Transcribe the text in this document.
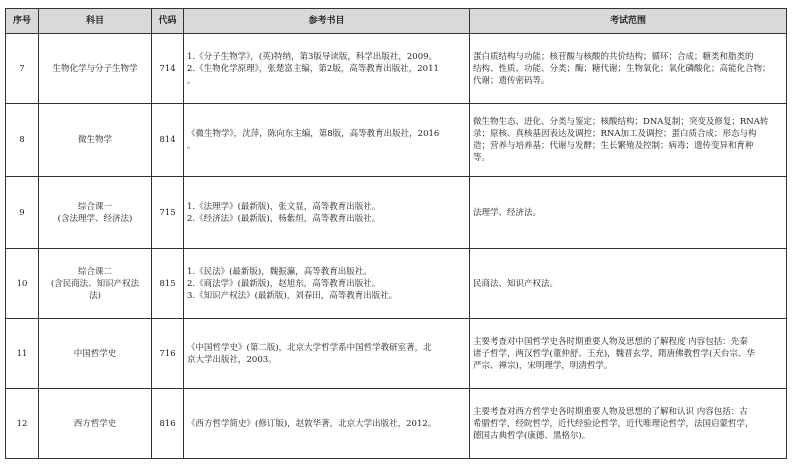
序号	科目	代码	参考书目	考试范围
7	生物化学与分子生物学	714	1.《分子生物学》，(英)特纳，第3版导读版，科学出版社，2009。
2.《生物化学原理》，张楚富主编，第2版，高等教育出版社，2011
。	蛋白质结构与功能；核苷酸与核酸的共价结构；循环；合成；糖类和脂类的
结构、性质、功能、分类；酶；糖代谢；生物氧化；氧化磷酸化；高能化合物；
代谢；遗传密码等。

8	微生物学	814	《微生物学》，沈萍，陈向东主编，第8版，高等教育出版社，2016
。	微生物生态、进化、分类与鉴定；核酸结构；DNA复制；突变及修复；RNA转
录；原核、真核基因表达及调控；RNA加工及调控；蛋白质合成；形态与构
造；营养与培养基；代谢与发酵；生长繁殖及控制；病毒；遗传变异和育种
等。

9	综合课一
(含法理学、经济法)	715	1.《法理学》(最新版)，张文显，高等教育出版社。
2.《经济法》(最新版)，杨紫烜，高等教育出版社。	法理学、经济法。

10	综合课二
(含民商法、知识产权法
法)	815	1.《民法》(最新版)，魏振瀛，高等教育出版社。
2.《商法学》(最新版)，赵旭东，高等教育出版社。
3.《知识产权法》(最新版)，刘春田，高等教育出版社。	民商法、知识产权法。

11	中国哲学史	716	《中国哲学史》(第二版)，北京大学哲学系中国哲学教研室著，北
京大学出版社，2003。	主要考查对中国哲学史各时期重要人物及思想的了解程度 内容包括：先秦
诸子哲学，两汉哲学(董仲舒、王充)，魏晋玄学，隋唐佛教哲学(天台宗、华
严宗、禅宗)，宋明理学，明清哲学。

12	西方哲学史	816	《西方哲学简史》(修订版)，赵敦华著，北京大学出版社，2012。	主要考查对西方哲学史各时期重要人物及思想的了解和认识 内容包括：古
希腊哲学，经院哲学，近代经验论哲学，近代唯理论哲学，法国启蒙哲学，
德国古典哲学(康德、黑格尔)。
